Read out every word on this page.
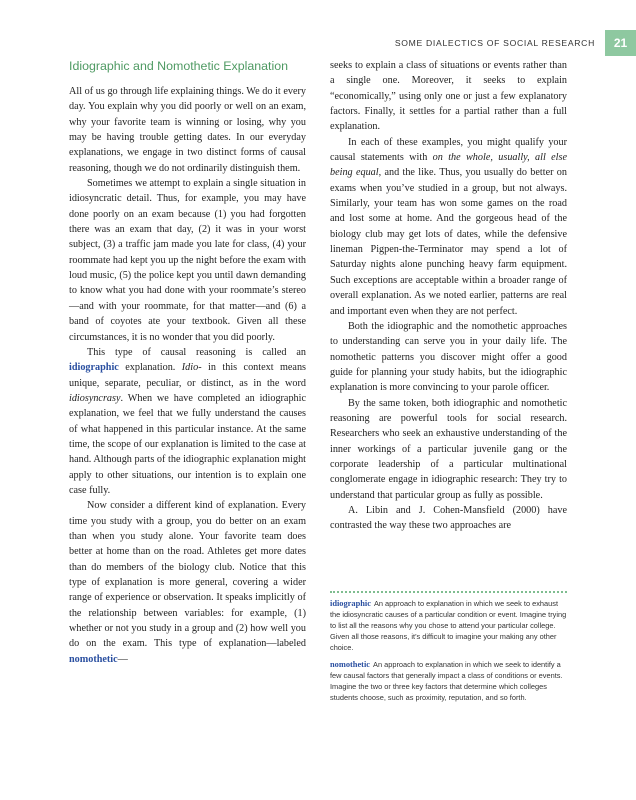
SOME DIALECTICS OF SOCIAL RESEARCH	21
Idiographic and Nomothetic Explanation

All of us go through life explaining things. We do it every day. You explain why you did poorly or well on an exam, why your favorite team is winning or losing, why you may be having trouble getting dates. In our everyday explanations, we engage in two distinct forms of causal reasoning, though we do not ordinarily distinguish them.

Sometimes we attempt to explain a single situation in idiosyncratic detail. Thus, for example, you may have done poorly on an exam because (1) you had forgotten there was an exam that day, (2) it was in your worst subject, (3) a traffic jam made you late for class, (4) your roommate had kept you up the night before the exam with loud music, (5) the police kept you until dawn demanding to know what you had done with your roommate’s stereo—and with your roommate, for that matter—and (6) a band of coyotes ate your textbook. Given all these circumstances, it is no wonder that you did poorly.

This type of causal reasoning is called an idiographic explanation. Idio- in this context means unique, separate, peculiar, or distinct, as in the word idiosyncrasy. When we have completed an idiographic explanation, we feel that we fully understand the causes of what happened in this particular instance. At the same time, the scope of our explanation is limited to the case at hand. Although parts of the idiographic explanation might apply to other situations, our intention is to explain one case fully.

Now consider a different kind of explanation. Every time you study with a group, you do better on an exam than when you study alone. Your favorite team does better at home than on the road. Athletes get more dates than do members of the biology club. Notice that this type of explanation is more general, covering a wider range of experience or observation. It speaks implicitly of the relationship between variables: for example, (1) whether or not you study in a group and (2) how well you do on the exam. This type of explanation—labeled nomothetic—

seeks to explain a class of situations or events rather than a single one. Moreover, it seeks to explain “economically,” using only one or just a few explanatory factors. Finally, it settles for a partial rather than a full explanation.

In each of these examples, you might qualify your causal statements with on the whole, usually, all else being equal, and the like. Thus, you usually do better on exams when you’ve studied in a group, but not always. Similarly, your team has won some games on the road and lost some at home. And the gorgeous head of the biology club may get lots of dates, while the defensive lineman Pigpen-the-Terminator may spend a lot of Saturday nights alone punching heavy farm equipment. Such exceptions are acceptable within a broader range of overall explanation. As we noted earlier, patterns are real and important even when they are not perfect.

Both the idiographic and the nomothetic approaches to understanding can serve you in your daily life. The nomothetic patterns you discover might offer a good guide for planning your study habits, but the idiographic explanation is more convincing to your parole officer.

By the same token, both idiographic and nomothetic reasoning are powerful tools for social research. Researchers who seek an exhaustive understanding of the inner workings of a particular juvenile gang or the corporate leadership of a particular multinational conglomerate engage in idiographic research: They try to understand that particular group as fully as possible.

A. Libin and J. Cohen-Mansfield (2000) have contrasted the way these two approaches are

idiographic An approach to explanation in which we seek to exhaust the idiosyncratic causes of a particular condition or event. Imagine trying to list all the reasons why you chose to attend your particular college. Given all those reasons, it’s difficult to imagine your making any other choice.
nomothetic An approach to explanation in which we seek to identify a few causal factors that generally impact a class of conditions or events. Imagine the two or three key factors that determine which colleges students choose, such as proximity, reputation, and so forth.
